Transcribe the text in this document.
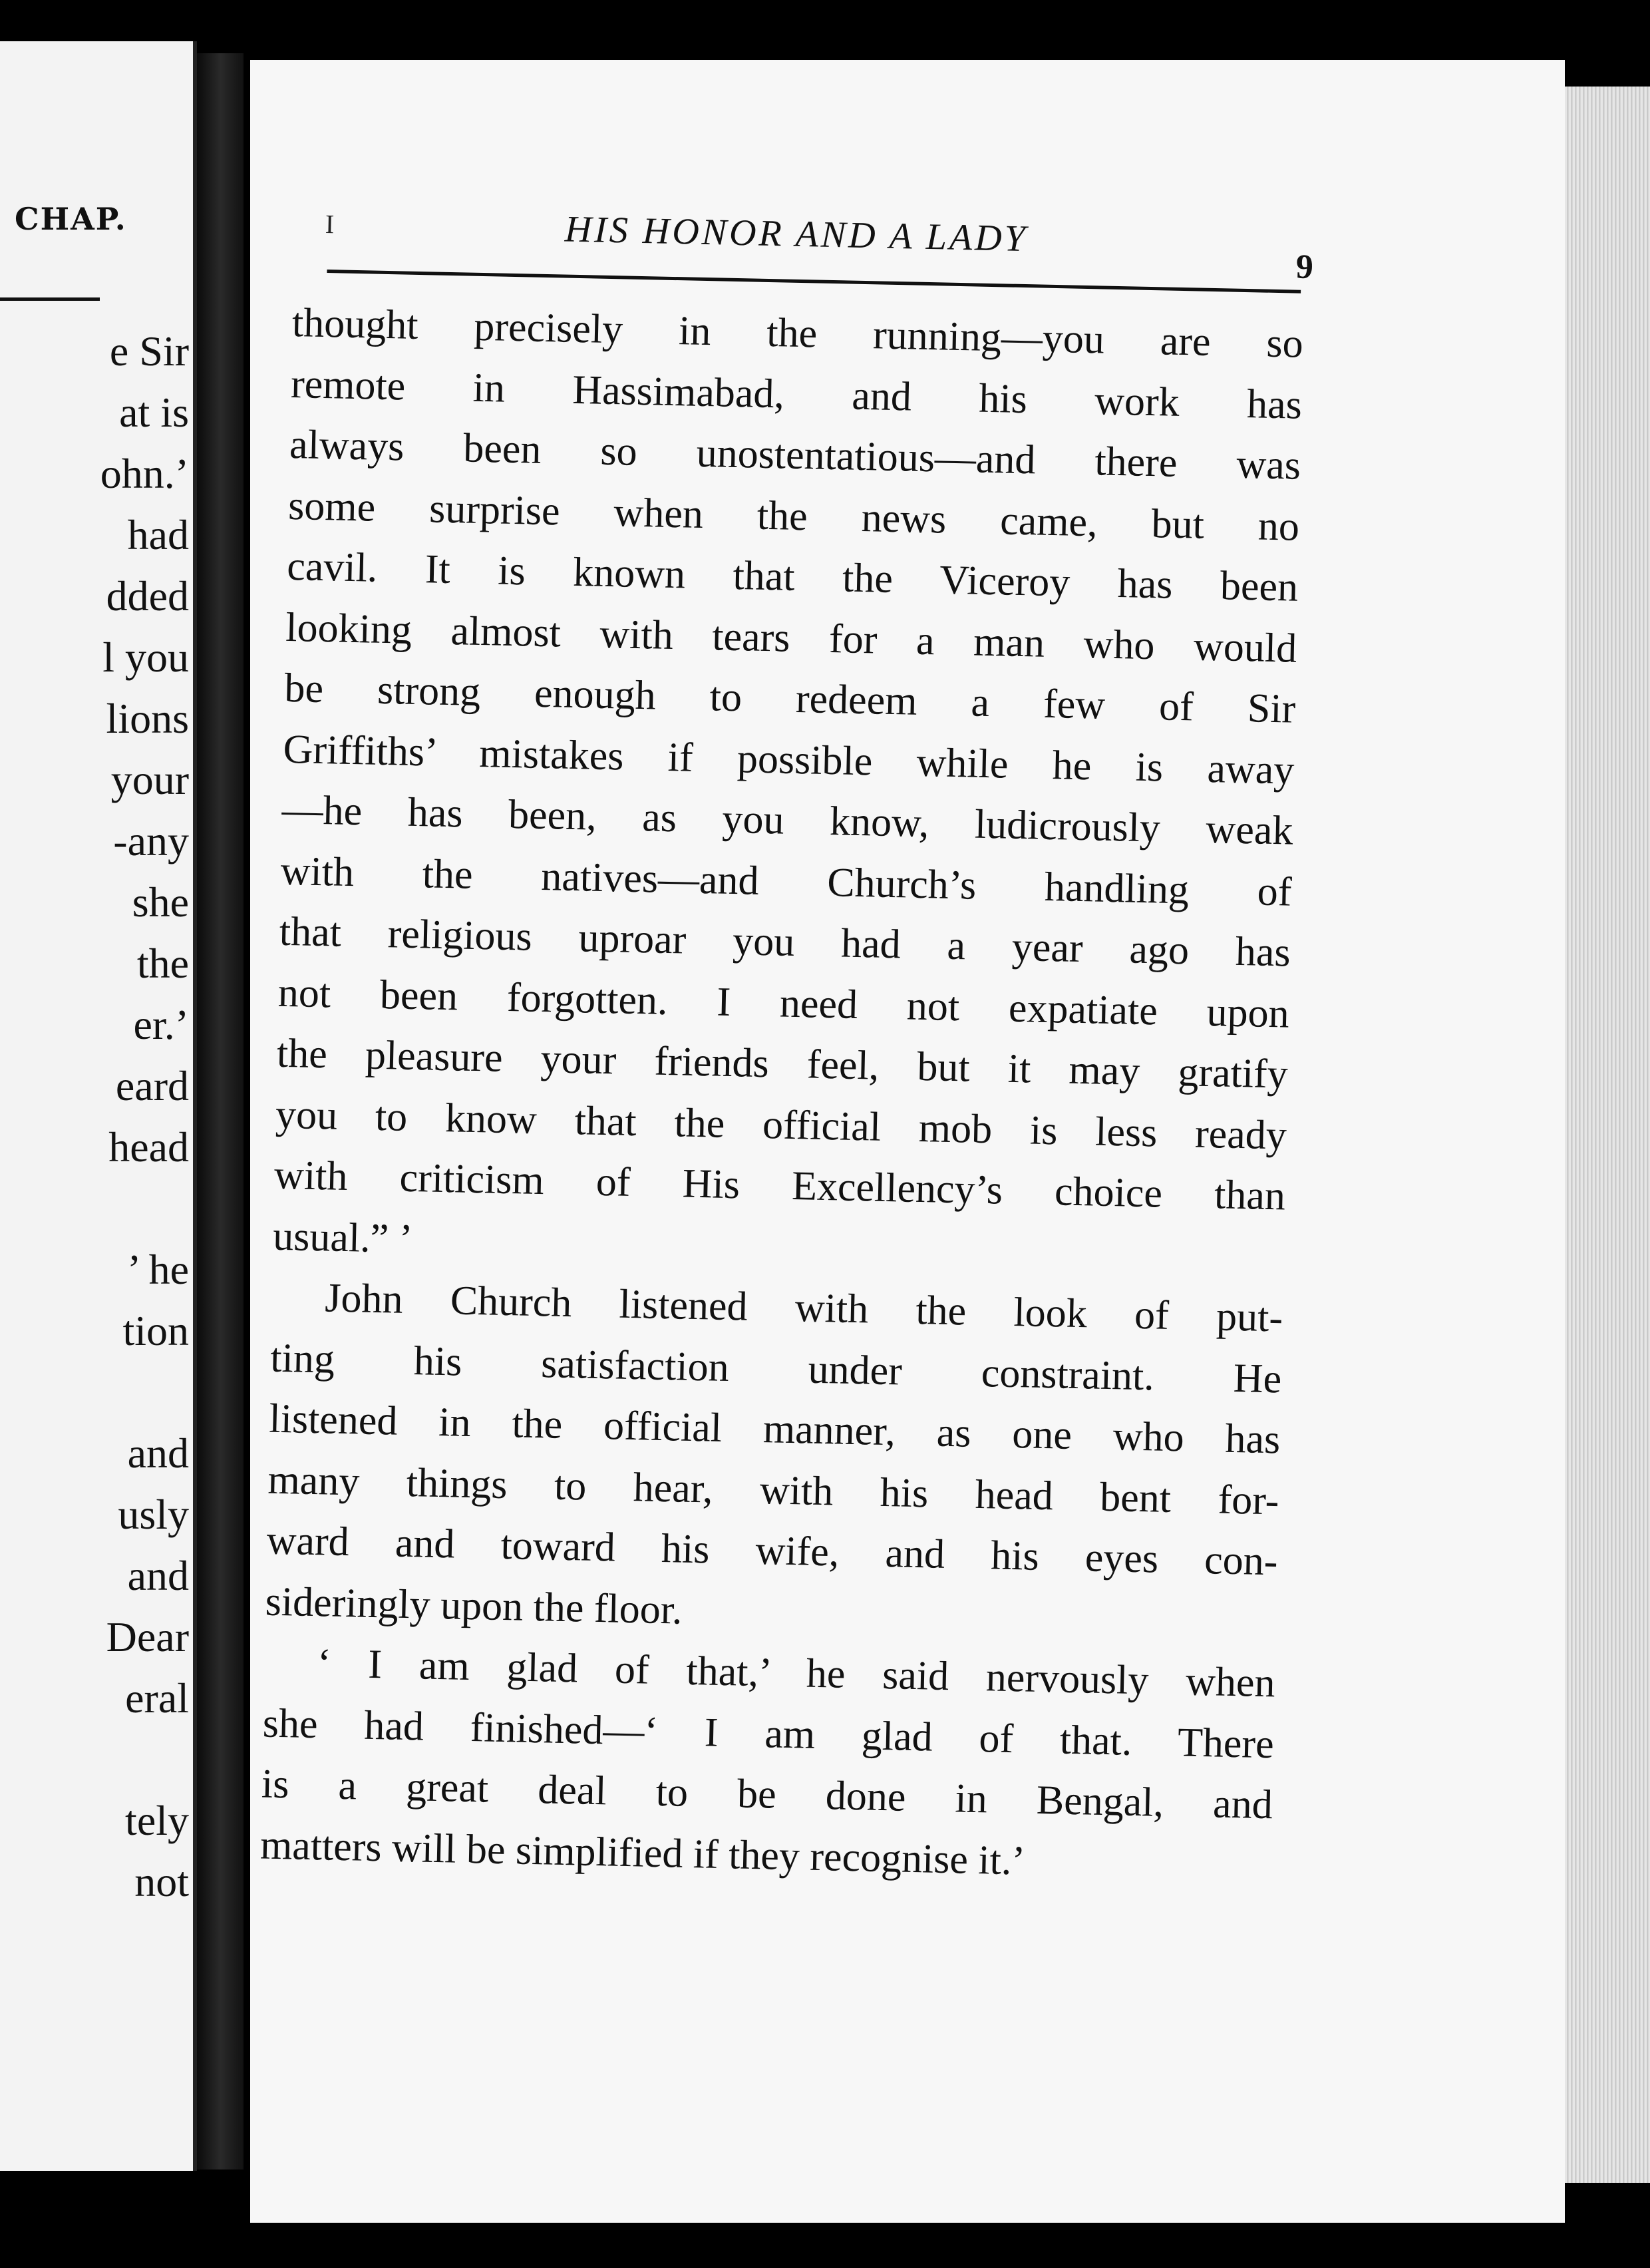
CHAP.
e Sir
at is
ohn.’
had
dded
l you
lions
your
-any
she
the
er.’
eard
head
’ he
tion
and
usly
and
Dear
eral
tely
not
I	HIS HONOR AND A LADY
9
thought precisely in the running—you are so
remote in Hassimabad, and his work has
always been so unostentatious—and there was
some surprise when the news came, but no
cavil. It is known that the Viceroy has been
looking almost with tears for a man who would
be strong enough to redeem a few of Sir
Griffiths’ mistakes if possible while he is away
—he has been, as you know, ludicrously weak
with the natives—and Church’s handling of
that religious uproar you had a year ago has
not been forgotten. I need not expatiate upon
the pleasure your friends feel, but it may gratify
you to know that the official mob is less ready
with criticism of His Excellency’s choice than
usual.” ’
John Church listened with the look of put-
ting his satisfaction under constraint. He
listened in the official manner, as one who has
many things to hear, with his head bent for-
ward and toward his wife, and his eyes con-
sideringly upon the floor.
‘ I am glad of that,’ he said nervously when
she had finished—‘ I am glad of that. There
is a great deal to be done in Bengal, and
matters will be simplified if they recognise it.’
